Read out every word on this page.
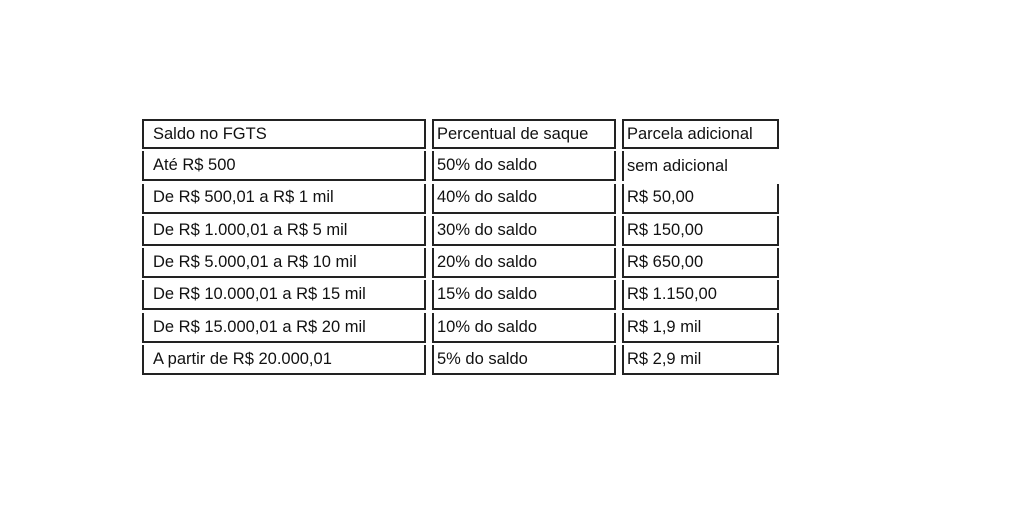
Saldo no FGTS	Percentual de saque	Parcela adicional
Até R$ 500	50% do saldo	sem adicional
De R$ 500,01 a R$ 1 mil	40% do saldo	R$ 50,00
De R$ 1.000,01 a R$ 5 mil	30% do saldo	R$ 150,00
De R$ 5.000,01 a R$ 10 mil	20% do saldo	R$ 650,00
De R$ 10.000,01 a R$ 15 mil	15% do saldo	R$ 1.150,00
De R$ 15.000,01 a R$ 20 mil	10% do saldo	R$ 1,9 mil
A partir de R$ 20.000,01	5% do saldo	R$ 2,9 mil
